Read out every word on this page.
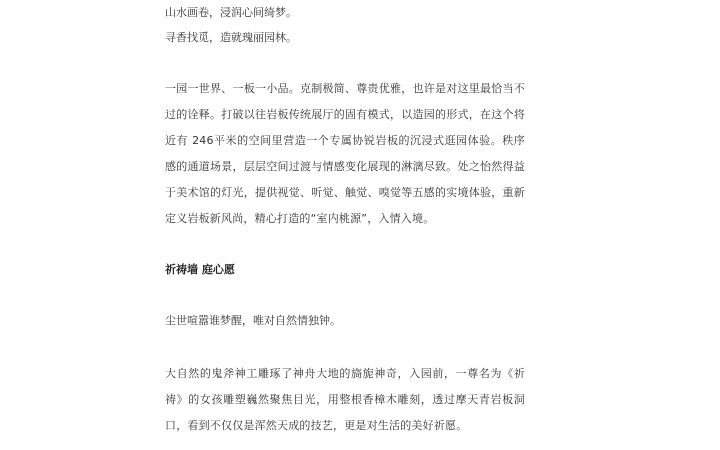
山水画卷，浸润心间绮梦。
寻香找觅，造就瑰丽园林。
一园一世界、一板一小品。克制极简、尊贵优雅，也许是对这里最恰当不过的诠释。打破以往岩板传统展厅的固有模式，以造园的形式，在这个将近有 246平米的空间里营造一个专属协锐岩板的沉浸式逛园体验。秩序感的通道场景，层层空间过渡与情感变化展现的淋漓尽致。处之怡然得益于美术馆的灯光，提供视觉、听觉、触觉、嗅觉等五感的实境体验，重新定义岩板新风尚，精心打造的“室内桃源”，入情入境。
祈祷墙 庭心愿
尘世喧嚣谁梦醒，唯对自然情独钟。
大自然的鬼斧神工雕琢了神舟大地的旖旎神奇，入园前，一尊名为《祈祷》的女孩雕塑巍然聚焦目光，用整根香樟木雕刻，透过摩天青岩板洞口，看到不仅仅是浑然天成的技艺，更是对生活的美好祈愿。
